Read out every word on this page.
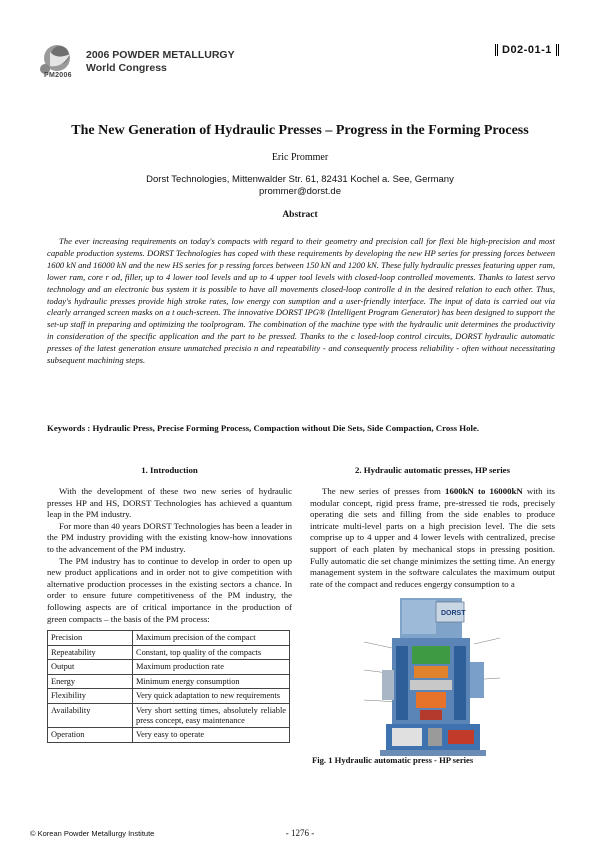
PM2006
2006 POWDER METALLURGY
World Congress
D02-01-1
The New Generation of Hydraulic Presses – Progress in the Forming Process
Eric Prommer
Dorst Technologies, Mittenwalder Str. 61, 82431 Kochel a. See, Germany
prommer@dorst.de
Abstract
The ever increasing requirements on today's compacts with regard to their geometry and precision call for flexi ble high-precision and most capable production systems. DORST Technologies has coped with these requirements by developing the new HP series for pressing forces between 1600 kN and 16000 kN and the new HS series for p ressing forces between 150 kN and 1200 kN. These fully hydraulic presses featuring upper ram, lower ram, core r od, filler, up to 4 lower tool levels and up to 4 upper tool levels with closed-loop controlled movements. Thanks to latest servo technology and an electronic bus system it is possible to have all movements closed-loop controlle d in the desired relation to each other. Thus, today's hydraulic presses provide high stroke rates, low energy con sumption and a user-friendly interface. The input of data is carried out via clearly arranged screen masks on a t ouch-screen. The innovative DORST IPG® (Intelligent Program Generator) has been designed to support the set-up staff in preparing and optimizing the toolprogram. The combination of the machine type with the hydraulic unit determines the productivity in consideration of the specific application and the part to be pressed. Thanks to the c losed-loop control circuits, DORST hydraulic automatic presses of the latest generation ensure unmatched precisio n and repeatability - and consequently process reliability - often without necessitating subsequent machining steps.
Keywords : Hydraulic Press, Precise Forming Process, Compaction without Die Sets, Side Compaction, Cross Hole.
1. Introduction

With the development of these two new series of hydraulic presses HP and HS, DORST Technologies has achieved a quantum leap in the PM industry.

For more than 40 years DORST Technologies has been a leader in the PM industry providing with the existing know-how innovations to the advancement of the PM industry.

The PM industry has to continue to develop in order to open up new product applications and in order not to give competition with alternative production processes in the existing sectors a chance. In order to ensure future competitiveness of the PM industry, the following aspects are of critical importance in the production of green compacts – the basis of the PM process:

Precision	Maximum precision of the compact
Repeatability	Constant, top quality of the compacts
Output	Maximum production rate
Energy	Minimum energy consumption
Flexibility	Very quick adaptation to new requirements
Availability	Very short setting times, absolutely reliable press concept, easy maintenance
Operation	Very easy to operate
2. Hydraulic automatic presses, HP series

The new series of presses from 1600kN to 16000kN with its modular concept, rigid press frame, pre-stressed tie rods, precisely operating die sets and filling from the side enables to produce intricate multi-level parts on a high precision level. The die sets comprise up to 4 upper and 4 lower levels with centralized, precise support of each platen by mechanical stops in pressing position. Fully automatic die set change minimizes the setting time. An energy management system in the software calculates the maximum output rate of the compact and reduces engergy consumption to a

DORST
Fig. 1 Hydraulic automatic press - HP series
© Korean Powder Metallurgy Institute	- 1276 -
